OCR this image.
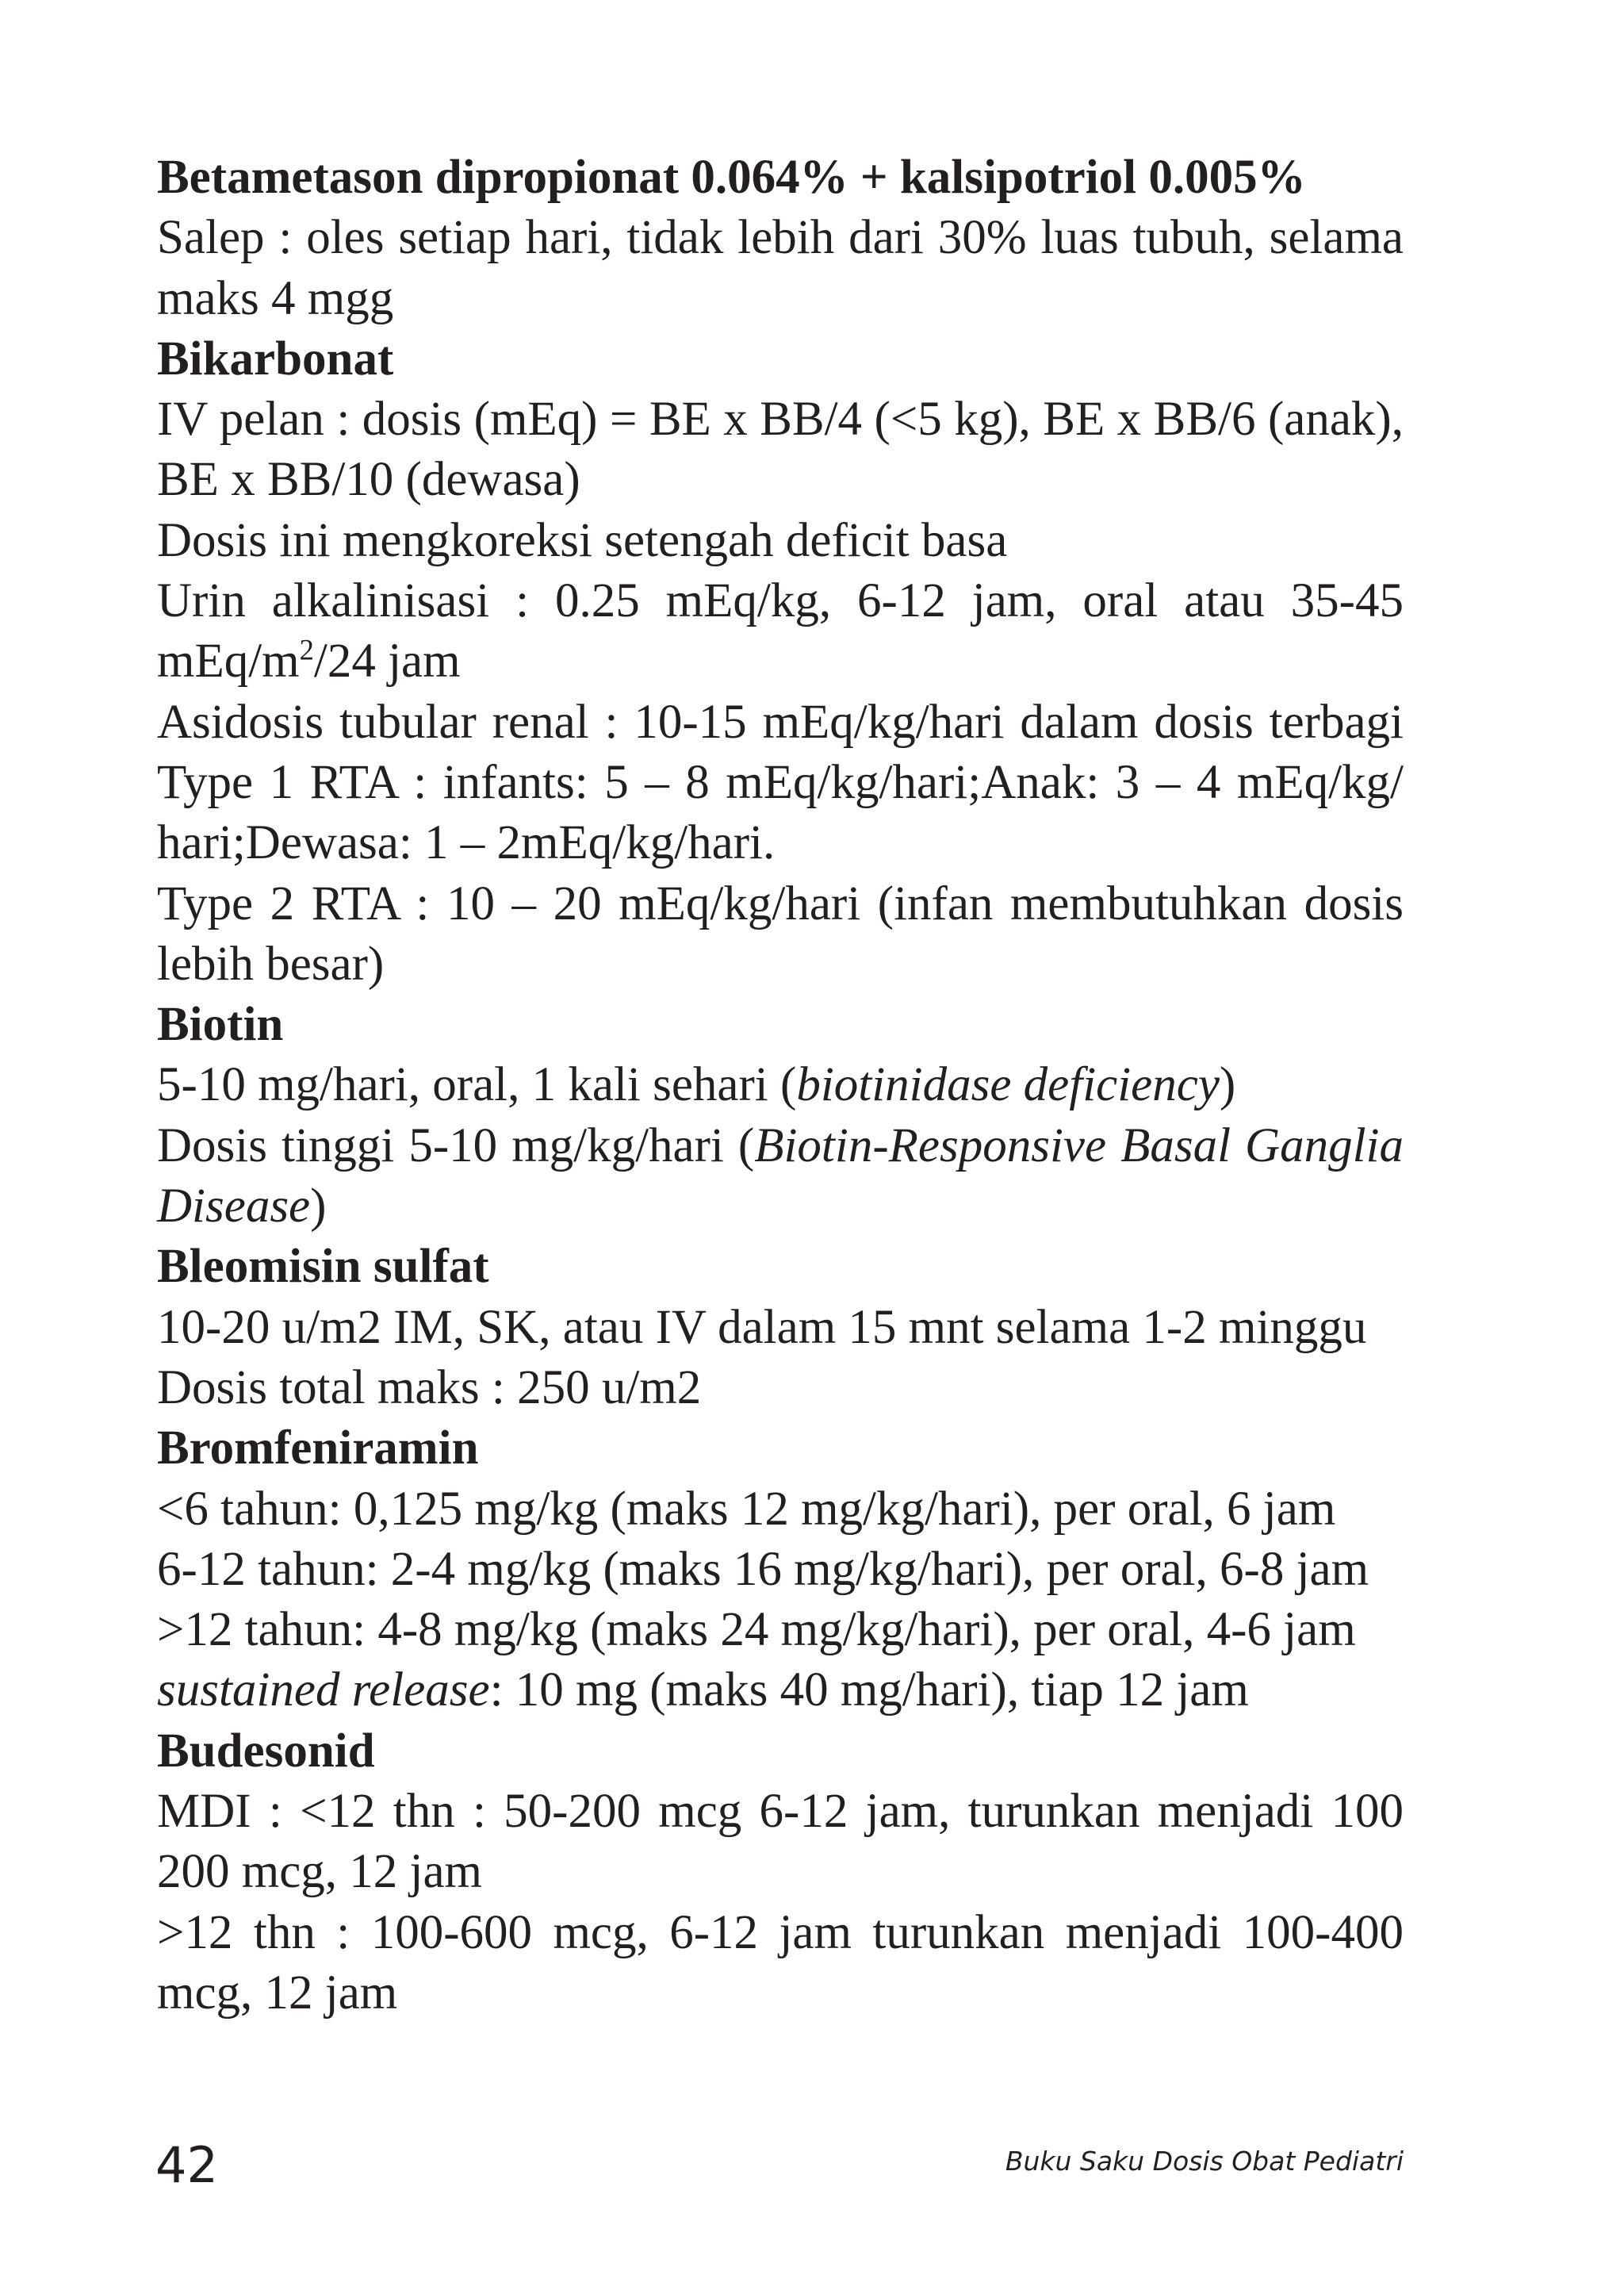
Betametason dipropionat 0.064% + kalsipotriol 0.005%

Salep : oles setiap hari, tidak lebih dari 30% luas tubuh, selama

maks 4 mgg

Bikarbonat

IV pelan : dosis (mEq) = BE x BB/4 (<5 kg), BE x BB/6 (anak),

BE x BB/10 (dewasa)

Dosis ini mengkoreksi setengah deficit basa

Urin alkalinisasi : 0.25 mEq/kg, 6-12 jam, oral atau 35-45

mEq/$m^2/24$ jam

Asidosis tubular renal : 10-15 mEq/kg/hari dalam dosis terbagi

Type 1 RTA : infants: 5 – 8 mEq/kg/hari;Anak: 3 – 4 mEq/kg/

hari;Dewasa: 1 – 2mEq/kg/hari.

Type 2 RTA : 10 – 20 mEq/kg/hari (infan membutuhkan dosis

lebih besar)

Biotin

5-10 mg/hari, oral, 1 kali sehari (biotinidase deficiency)

Dosis tinggi 5-10 mg/kg/hari (Biotin-Responsive Basal Ganglia

Disease)

Bleomisin sulfat

10-20 u/m2 IM, SK, atau IV dalam 15 mnt selama 1-2 minggu

Dosis total maks : 250 u/m2

Bromfeniramin

<6 tahun: 0,125 mg/kg (maks 12 mg/kg/hari), per oral, 6 jam

6-12 tahun: 2-4 mg/kg (maks 16 mg/kg/hari), per oral, 6-8 jam

>12 tahun: 4-8 mg/kg (maks 24 mg/kg/hari), per oral, 4-6 jam

sustained release: 10 mg (maks 40 mg/hari), tiap 12 jam

Budesonid

MDI : <12 thn : 50-200 mcg 6-12 jam, turunkan menjadi 100

200 mcg, 12 jam

>12 thn : 100-600 mcg, 6-12 jam turunkan menjadi 100-400

mcg, 12 jam

42	Buku Saku Dosis Obat Pediatri
